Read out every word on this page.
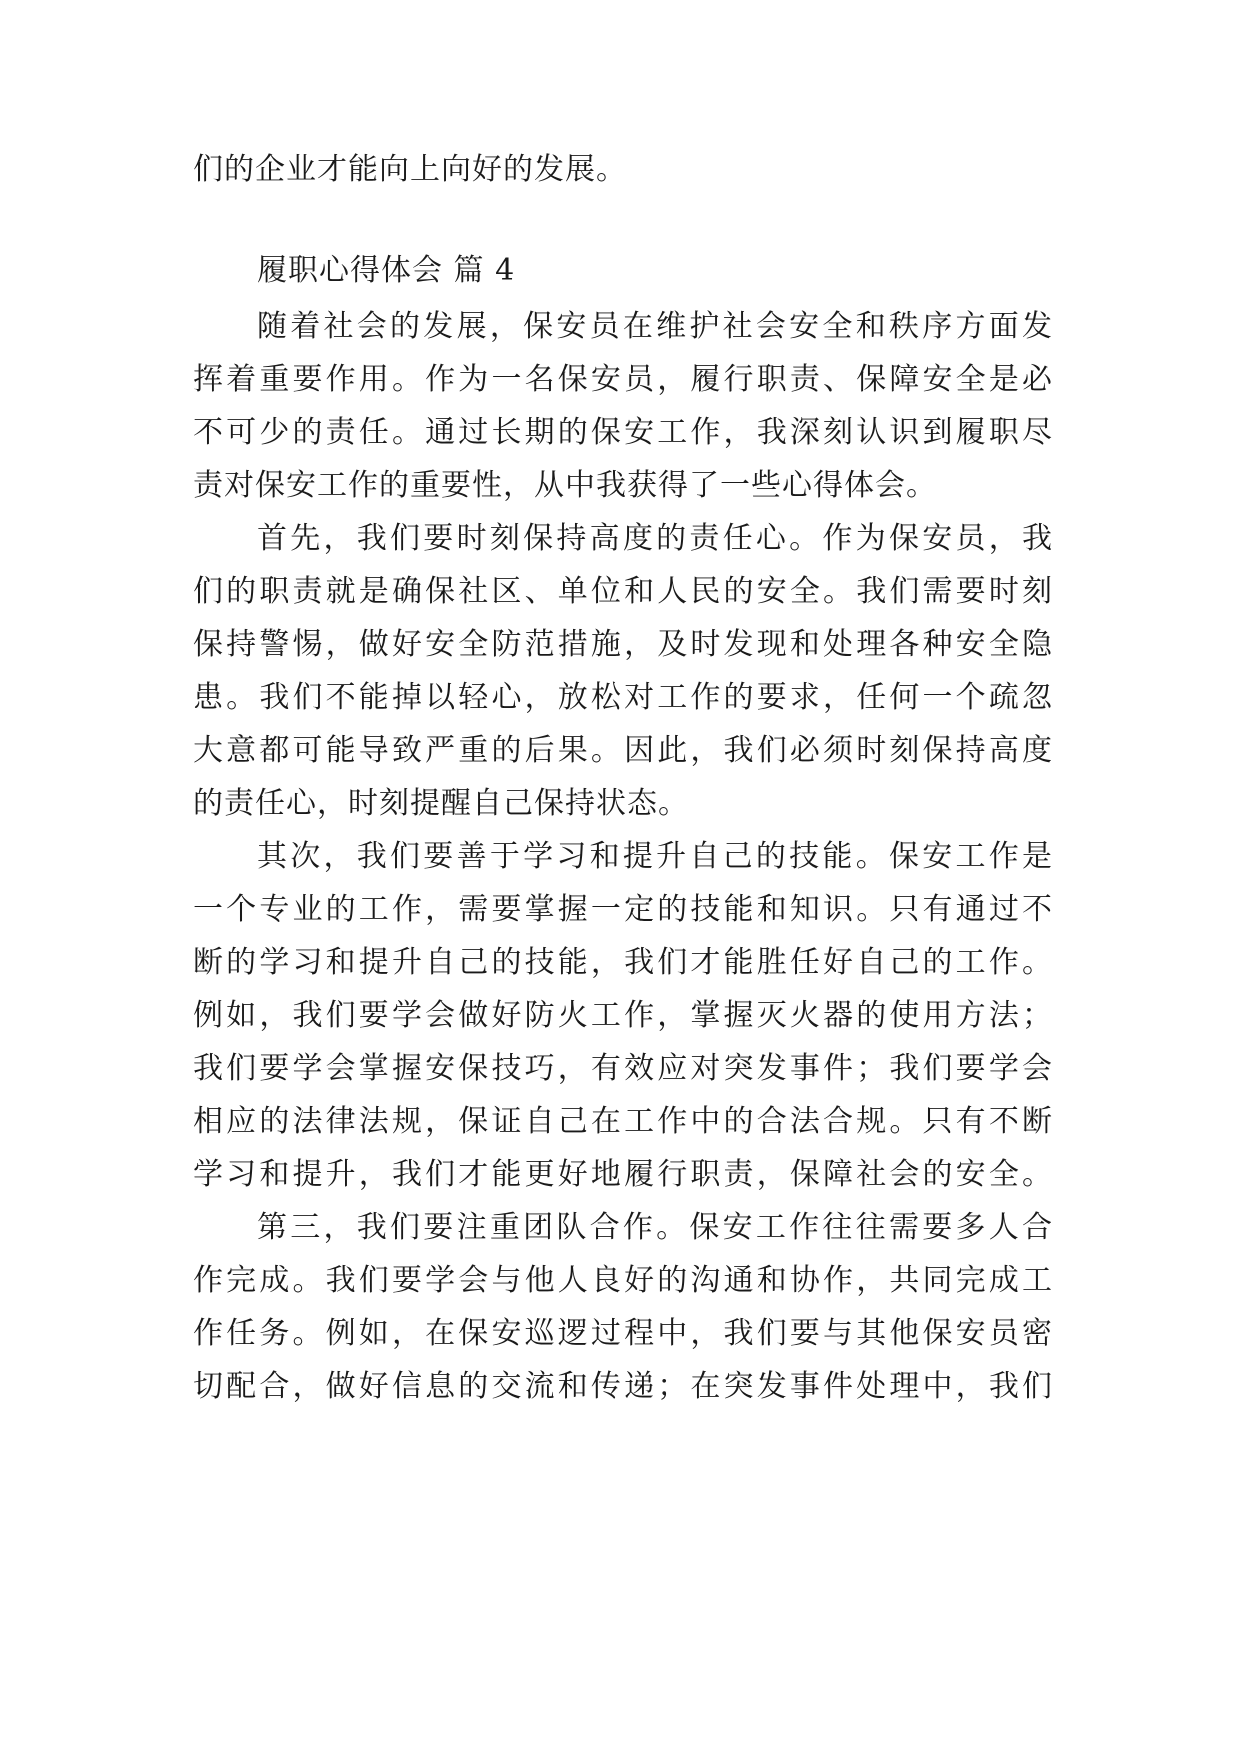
们的企业才能向上向好的发展。
履职心得体会 篇 4
随着社会的发展，保安员在维护社会安全和秩序方面发
挥着重要作用。作为一名保安员，履行职责、保障安全是必
不可少的责任。通过长期的保安工作，我深刻认识到履职尽
责对保安工作的重要性，从中我获得了一些心得体会。
首先，我们要时刻保持高度的责任心。作为保安员，我
们的职责就是确保社区、单位和人民的安全。我们需要时刻
保持警惕，做好安全防范措施，及时发现和处理各种安全隐
患。我们不能掉以轻心，放松对工作的要求，任何一个疏忽
大意都可能导致严重的后果。因此，我们必须时刻保持高度
的责任心，时刻提醒自己保持状态。
其次，我们要善于学习和提升自己的技能。保安工作是
一个专业的工作，需要掌握一定的技能和知识。只有通过不
断的学习和提升自己的技能，我们才能胜任好自己的工作。
例如，我们要学会做好防火工作，掌握灭火器的使用方法；
我们要学会掌握安保技巧，有效应对突发事件；我们要学会
相应的法律法规，保证自己在工作中的合法合规。只有不断
学习和提升，我们才能更好地履行职责，保障社会的安全。
第三，我们要注重团队合作。保安工作往往需要多人合
作完成。我们要学会与他人良好的沟通和协作，共同完成工
作任务。例如，在保安巡逻过程中，我们要与其他保安员密
切配合，做好信息的交流和传递；在突发事件处理中，我们
